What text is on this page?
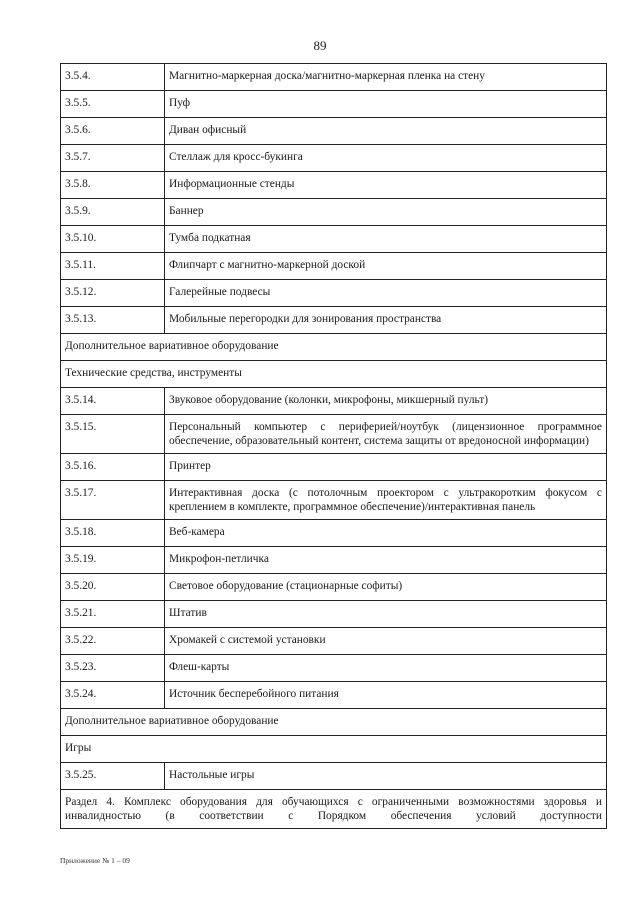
89
3.5.4.	Магнитно-маркерная доска/магнитно-маркерная пленка на стену
3.5.5.	Пуф
3.5.6.	Диван офисный
3.5.7.	Стеллаж для кросс-букинга
3.5.8.	Информационные стенды
3.5.9.	Баннер
3.5.10.	Тумба подкатная
3.5.11.	Флипчарт с магнитно-маркерной доской
3.5.12.	Галерейные подвесы
3.5.13.	Мобильные перегородки для зонирования пространства
Дополнительное вариативное оборудование	
Технические средства, инструменты	
3.5.14.	Звуковое оборудование (колонки, микрофоны, микшерный пульт)
3.5.15.	Персональный компьютер с периферией/ноутбук (лицензионное программное обеспечение, образовательный контент, система защиты от вредоносной информации)
3.5.16.	Принтер
3.5.17.	Интерактивная доска (с потолочным проектором с ультракоротким фокусом с креплением в комплекте, программное обеспечение)/интерактивная панель
3.5.18.	Веб-камера
3.5.19.	Микрофон-петличка
3.5.20.	Световое оборудование (стационарные софиты)
3.5.21.	Штатив
3.5.22.	Хромакей с системой установки
3.5.23.	Флеш-карты
3.5.24.	Источник бесперебойного питания
Дополнительное вариативное оборудование	
Игры	
3.5.25.	Настольные игры
Раздел 4. Комплекс оборудования для обучающихся с ограниченными возможностями здоровья и инвалидностью (в соответствии с Порядком обеспечения условий доступности	
Приложение № 1 – 09
